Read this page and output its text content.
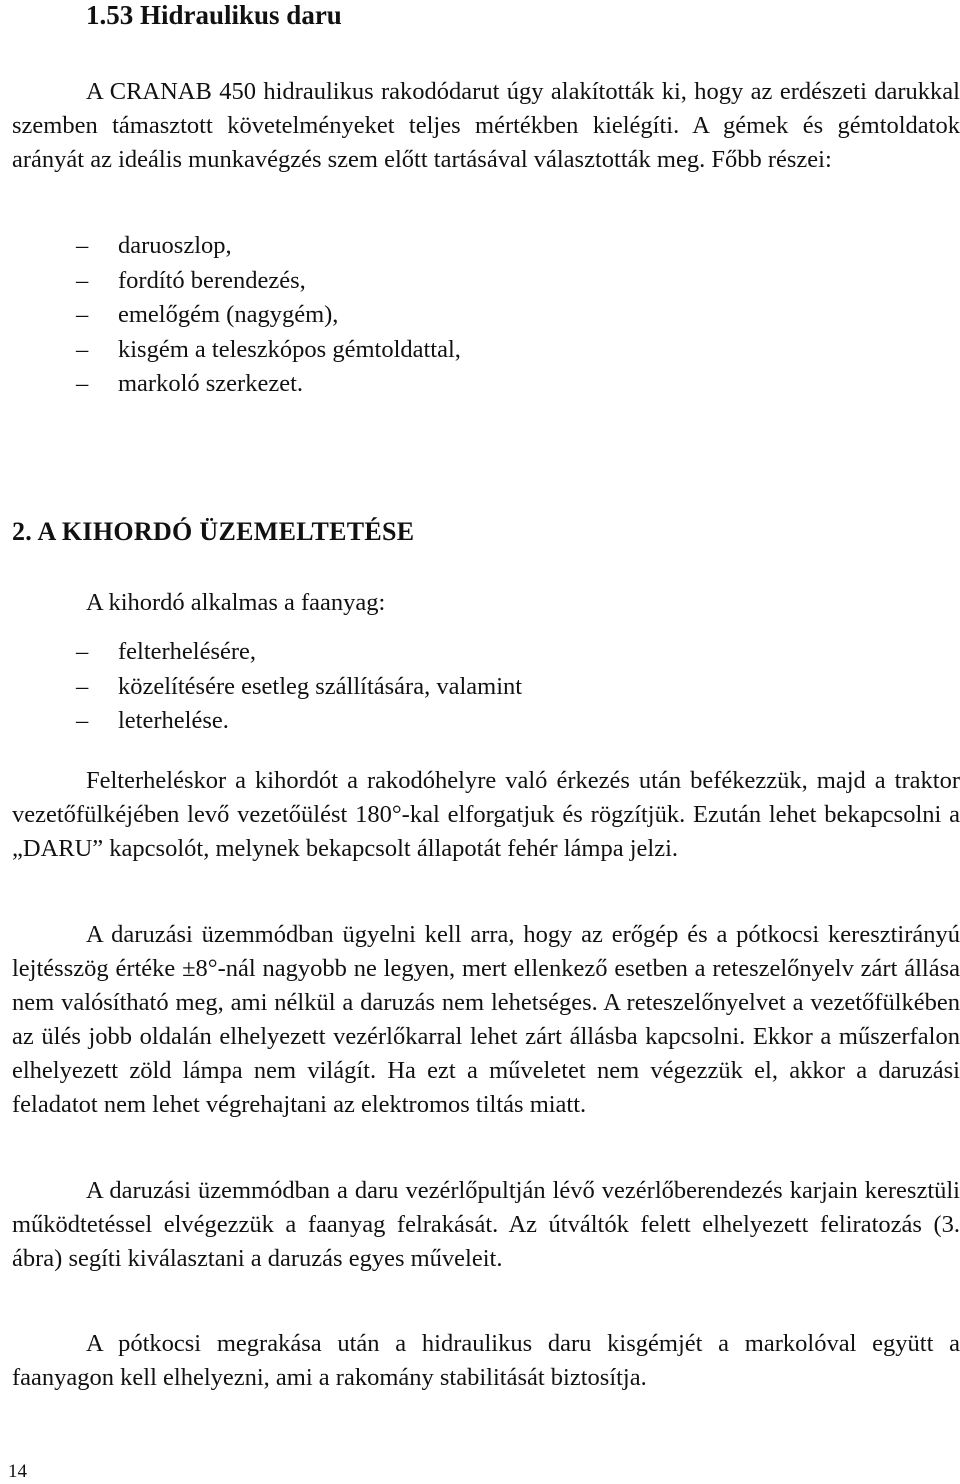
1.53 Hidraulikus daru

A CRANAB 450 hidraulikus rakodódarut úgy alakították ki, hogy az erdészeti darukkal szemben támasztott követelményeket teljes mértékben kielégíti. A gémek és gémtoldatok arányát az ideális munkavégzés szem előtt tartásával választották meg. Főbb részei:

– daruoszlop,
– fordító berendezés,
– emelőgém (nagygém),
– kisgém a teleszkópos gémtoldattal,
– markoló szerkezet.
2. A KIHORDÓ ÜZEMELTETÉSE

A kihordó alkalmas a faanyag:

– felterhelésére,
– közelítésére esetleg szállítására, valamint
– leterhelése.

Felterheléskor a kihordót a rakodóhelyre való érkezés után befékezzük, majd a traktor vezetőfülkéjében levő vezetőülést 180°-kal elforgatjuk és rögzítjük. Ezután lehet bekapcsolni a „DARU” kapcsolót, melynek bekapcsolt állapotát fehér lámpa jelzi.

A daruzási üzemmódban ügyelni kell arra, hogy az erőgép és a pótkocsi keresztirányú lejtésszög értéke ±8°-nál nagyobb ne legyen, mert ellenkező esetben a reteszelőnyelv zárt állása nem valósítható meg, ami nélkül a daruzás nem lehetséges. A reteszelőnyelvet a vezetőfülkében az ülés jobb oldalán elhelyezett vezérlőkarral lehet zárt állásba kapcsolni. Ekkor a műszerfalon elhelyezett zöld lámpa nem világít. Ha ezt a műveletet nem végezzük el, akkor a daruzási feladatot nem lehet végrehajtani az elektromos tiltás miatt.

A daruzási üzemmódban a daru vezérlőpultján lévő vezérlőberendezés karjain keresztüli működtetéssel elvégezzük a faanyag felrakását. Az útváltók felett elhelyezett feliratozás (3. ábra) segíti kiválasztani a daruzás egyes műveleit.

A pótkocsi megrakása után a hidraulikus daru kisgémjét a markolóval együtt a faanyagon kell elhelyezni, ami a rakomány stabilitását biztosítja.

14
